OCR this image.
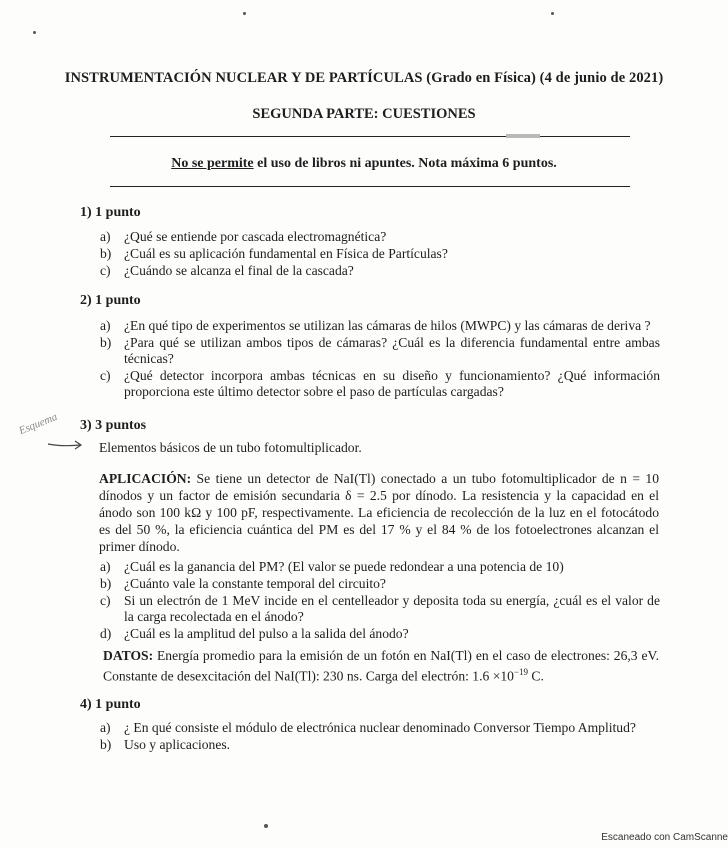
INSTRUMENTACIÓN NUCLEAR Y DE PARTÍCULAS (Grado en Física) (4 de junio de 2021)
SEGUNDA PARTE: CUESTIONES
No se permite el uso de libros ni apuntes. Nota máxima 6 puntos.
1) 1 punto
a) ¿Qué se entiende por cascada electromagnética?
b) ¿Cuál es su aplicación fundamental en Física de Partículas?
c) ¿Cuándo se alcanza el final de la cascada?
2) 1 punto
a) ¿En qué tipo de experimentos se utilizan las cámaras de hilos (MWPC) y las cámaras de deriva ?
b) ¿Para qué se utilizan ambos tipos de cámaras? ¿Cuál es la diferencia fundamental entre ambas técnicas?
c) ¿Qué detector incorpora ambas técnicas en su diseño y funcionamiento? ¿Qué información proporciona este último detector sobre el paso de partículas cargadas?
Esquema 3) 3 puntos
Elementos básicos de un tubo fotomultiplicador.
APLICACIÓN: Se tiene un detector de NaI(Tl) conectado a un tubo fotomultiplicador de n = 10 dínodos y un factor de emisión secundaria δ = 2.5 por dínodo. La resistencia y la capacidad en el ánodo son 100 kΩ y 100 pF, respectivamente. La eficiencia de recolección de la luz en el fotocátodo es del 50 %, la eficiencia cuántica del PM es del 17 % y el 84 % de los fotoelectrones alcanzan el primer dínodo.
a) ¿Cuál es la ganancia del PM? (El valor se puede redondear a una potencia de 10)
b) ¿Cuánto vale la constante temporal del circuito?
c) Si un electrón de 1 MeV incide en el centelleador y deposita toda su energía, ¿cuál es el valor de la carga recolectada en el ánodo?
d) ¿Cuál es la amplitud del pulso a la salida del ánodo?
DATOS: Energía promedio para la emisión de un fotón en NaI(Tl) en el caso de electrones: 26,3 eV. Constante de desexcitación del NaI(Tl): 230 ns. Carga del electrón: $1.6 \times 10^{-19}$ C.
4) 1 punto
a) ¿ En qué consiste el módulo de electrónica nuclear denominado Conversor Tiempo Amplitud?
b) Uso y aplicaciones.
Escaneado con CamScanne
